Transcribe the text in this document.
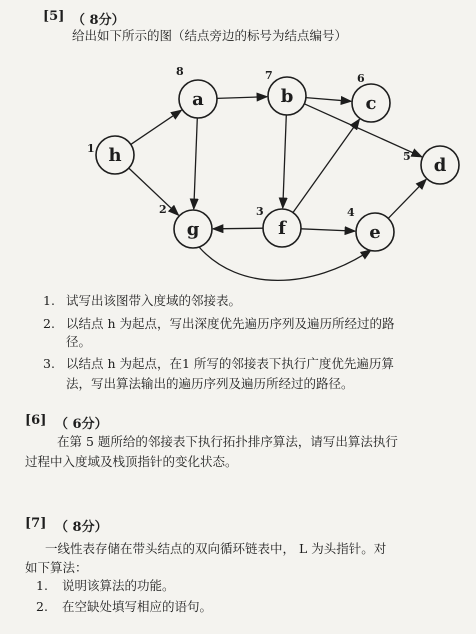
[5] （ 8分）
给出如下所示的图（结点旁边的标号为结点编号）
h
1
a
8
b
7
c
6
d
5
g
2
f
3
e
4
1. 试写出该图带入度域的邻接表。
2. 以结点 h 为起点，写出深度优先遍历序列及遍历所经过的路
径。
3. 以结点 h 为起点，在1 所写的邻接表下执行广度优先遍历算
法，写出算法输出的遍历序列及遍历所经过的路径。
[6] （ 6分）
在第 5 题所给的邻接表下执行拓扑排序算法，请写出算法执行
过程中入度域及栈顶指针的变化状态。
[7] （ 8分）
一线性表存储在带头结点的双向循环链表中， L 为头指针。对
如下算法：
1. 说明该算法的功能。
2. 在空缺处填写相应的语句。
